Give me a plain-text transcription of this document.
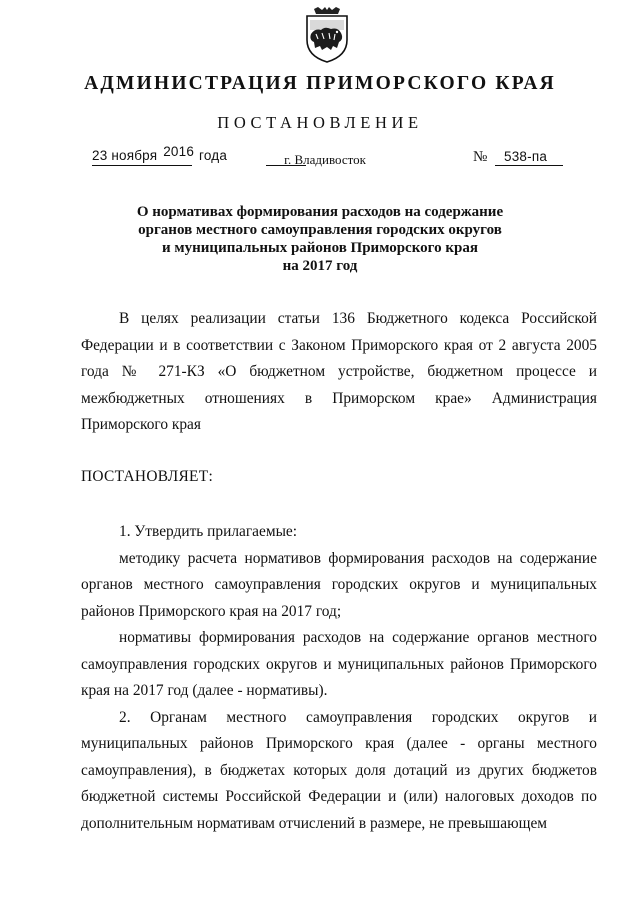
АДМИНИСТРАЦИЯ ПРИМОРСКОГО КРАЯ
ПОСТАНОВЛЕНИЕ
23 ноября 2016 года	г. Владивосток	№ 538-па
О нормативах формирования расходов на содержание
органов местного самоуправления городских округов
и муниципальных районов Приморского края
на 2017 год

В целях реализации статьи 136 Бюджетного кодекса Российской Федерации и в соответствии с Законом Приморского края от 2 августа 2005 года № 271-КЗ «О бюджетном устройстве, бюджетном процессе и межбюджетных отношениях в Приморском крае» Администрация Приморского края

ПОСТАНОВЛЯЕТ:

1. Утвердить прилагаемые:

методику расчета нормативов формирования расходов на содержание органов местного самоуправления городских округов и муниципальных районов Приморского края на 2017 год;

нормативы формирования расходов на содержание органов местного самоуправления городских округов и муниципальных районов Приморского края на 2017 год (далее - нормативы).

2. Органам местного самоуправления городских округов и

муниципальных районов Приморского края (далее - органы местного самоуправления), в бюджетах которых доля дотаций из других бюджетов бюджетной системы Российской Федерации и (или) налоговых доходов по дополнительным нормативам отчислений в размере, не превышающем
